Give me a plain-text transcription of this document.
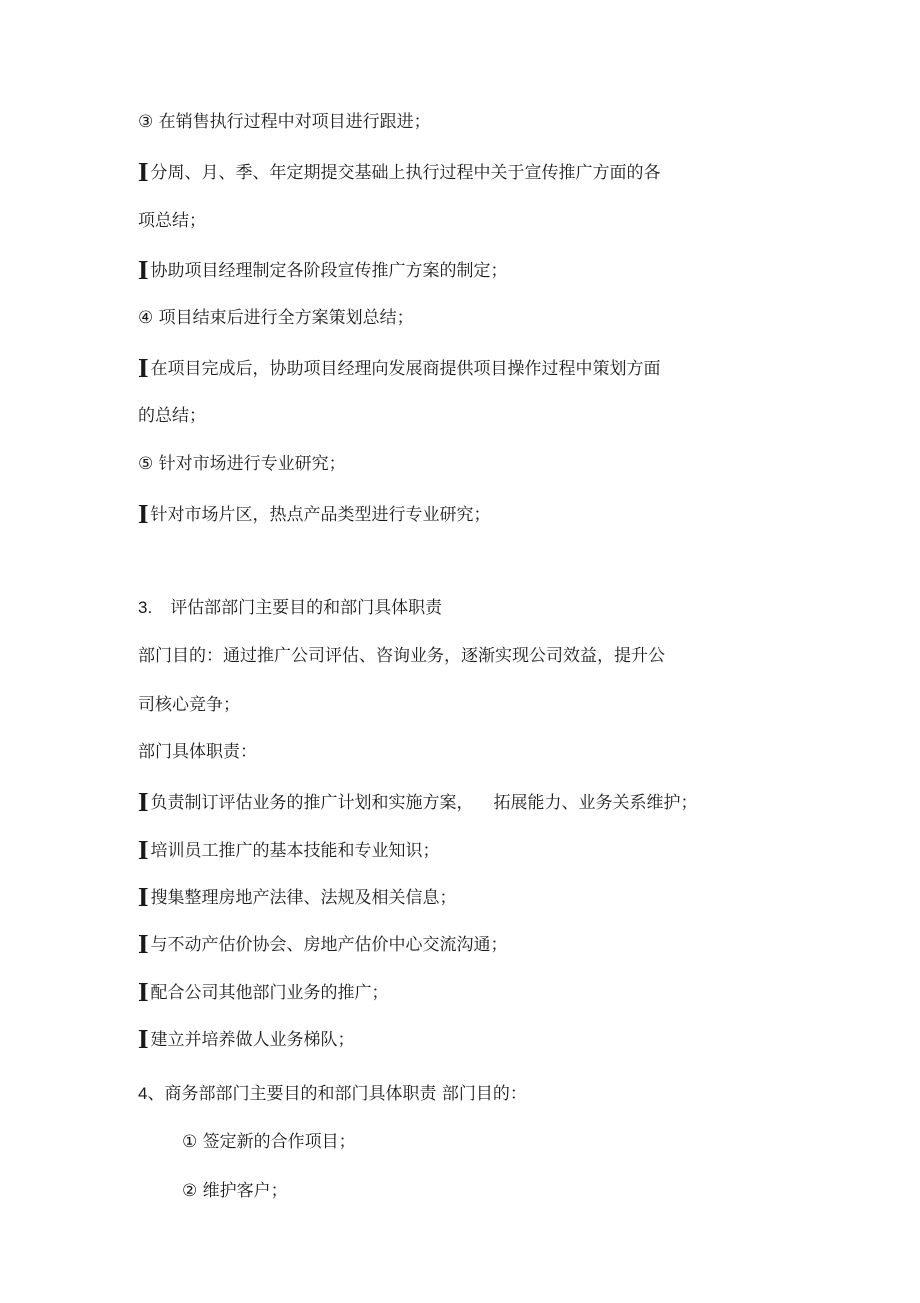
③ 在销售执行过程中对项目进行跟进；
I分周、月、季、年定期提交基础上执行过程中关于宣传推广方面的各
项总结；
I协助项目经理制定各阶段宣传推广方案的制定；
④ 项目结束后进行全方案策划总结；
I在项目完成后，协助项目经理向发展商提供项目操作过程中策划方面
的总结；
⑤ 针对市场进行专业研究；
I针对市场片区，热点产品类型进行专业研究；
3. 评估部部门主要目的和部门具体职责
部门目的：通过推广公司评估、咨询业务，逐渐实现公司效益，提升公
司核心竞争；
部门具体职责：
I负责制订评估业务的推广计划和实施方案， 拓展能力、业务关系维护；
I培训员工推广的基本技能和专业知识；
I搜集整理房地产法律、法规及相关信息；
I与不动产估价协会、房地产估价中心交流沟通；
I配合公司其他部门业务的推广；
I建立并培养做人业务梯队；
4、商务部部门主要目的和部门具体职责 部门目的：
① 签定新的合作项目；
② 维护客户；
